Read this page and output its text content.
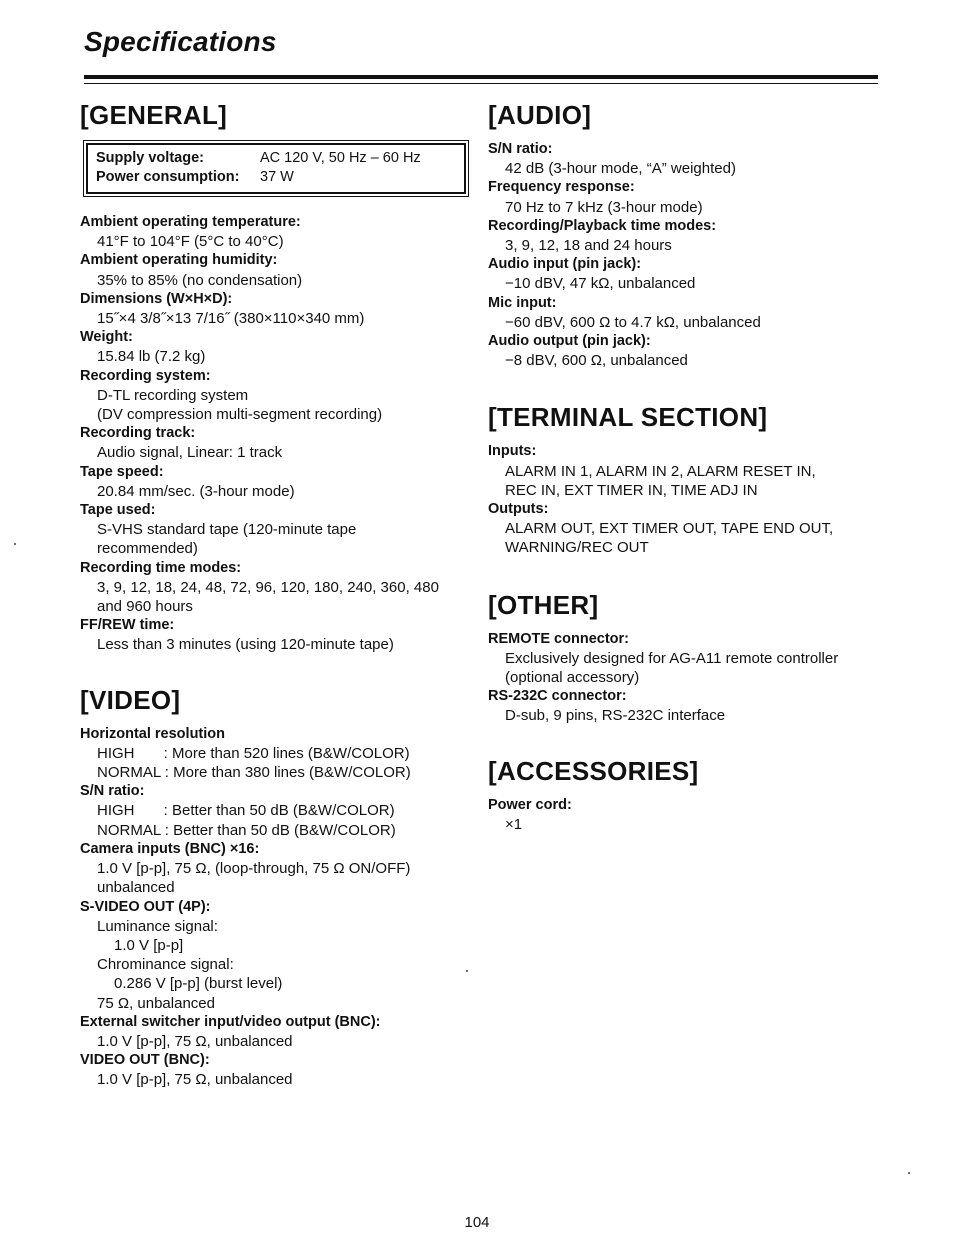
Specifications
[GENERAL]
Supply voltage:	AC 120 V, 50 Hz – 60 Hz
Power consumption:	37 W
Ambient operating temperature:
41°F to 104°F (5°C to 40°C)
Ambient operating humidity:
35% to 85% (no condensation)
Dimensions (W×H×D):
15˝×4 3/8˝×13 7/16˝ (380×110×340 mm)
Weight:
15.84 lb (7.2 kg)
Recording system:
D-TL recording system
(DV compression multi-segment recording)
Recording track:
Audio signal, Linear: 1 track
Tape speed:
20.84 mm/sec. (3-hour mode)
Tape used:
S-VHS standard tape (120-minute tape
recommended)
Recording time modes:
3, 9, 12, 18, 24, 48, 72, 96, 120, 180, 240, 360, 480
and 960 hours
FF/REW time:
Less than 3 minutes (using 120-minute tape)
[VIDEO]
Horizontal resolution
HIGH       : More than 520 lines (B&W/COLOR)
NORMAL : More than 380 lines (B&W/COLOR)
S/N ratio:
HIGH       : Better than 50 dB (B&W/COLOR)
NORMAL : Better than 50 dB (B&W/COLOR)
Camera inputs (BNC) ×16:
1.0 V [p-p], 75 Ω, (loop-through, 75 Ω ON/OFF)
unbalanced
S-VIDEO OUT (4P):
Luminance signal:
1.0 V [p-p]
Chrominance signal:
0.286 V [p-p] (burst level)
75 Ω, unbalanced
External switcher input/video output (BNC):
1.0 V [p-p], 75 Ω, unbalanced
VIDEO OUT (BNC):
1.0 V [p-p], 75 Ω, unbalanced
[AUDIO]
S/N ratio:
42 dB (3-hour mode, “A” weighted)
Frequency response:
70 Hz to 7 kHz (3-hour mode)
Recording/Playback time modes:
3, 9, 12, 18 and 24 hours
Audio input (pin jack):
−10 dBV, 47 kΩ, unbalanced
Mic input:
−60 dBV, 600 Ω to 4.7 kΩ, unbalanced
Audio output (pin jack):
−8 dBV, 600 Ω, unbalanced
[TERMINAL SECTION]
Inputs:
ALARM IN 1, ALARM IN 2, ALARM RESET IN,
REC IN, EXT TIMER IN, TIME ADJ IN
Outputs:
ALARM OUT, EXT TIMER OUT, TAPE END OUT,
WARNING/REC OUT
[OTHER]
REMOTE connector:
Exclusively designed for AG-A11 remote controller
(optional accessory)
RS-232C connector:
D-sub, 9 pins, RS-232C interface
[ACCESSORIES]
Power cord:
×1
104
